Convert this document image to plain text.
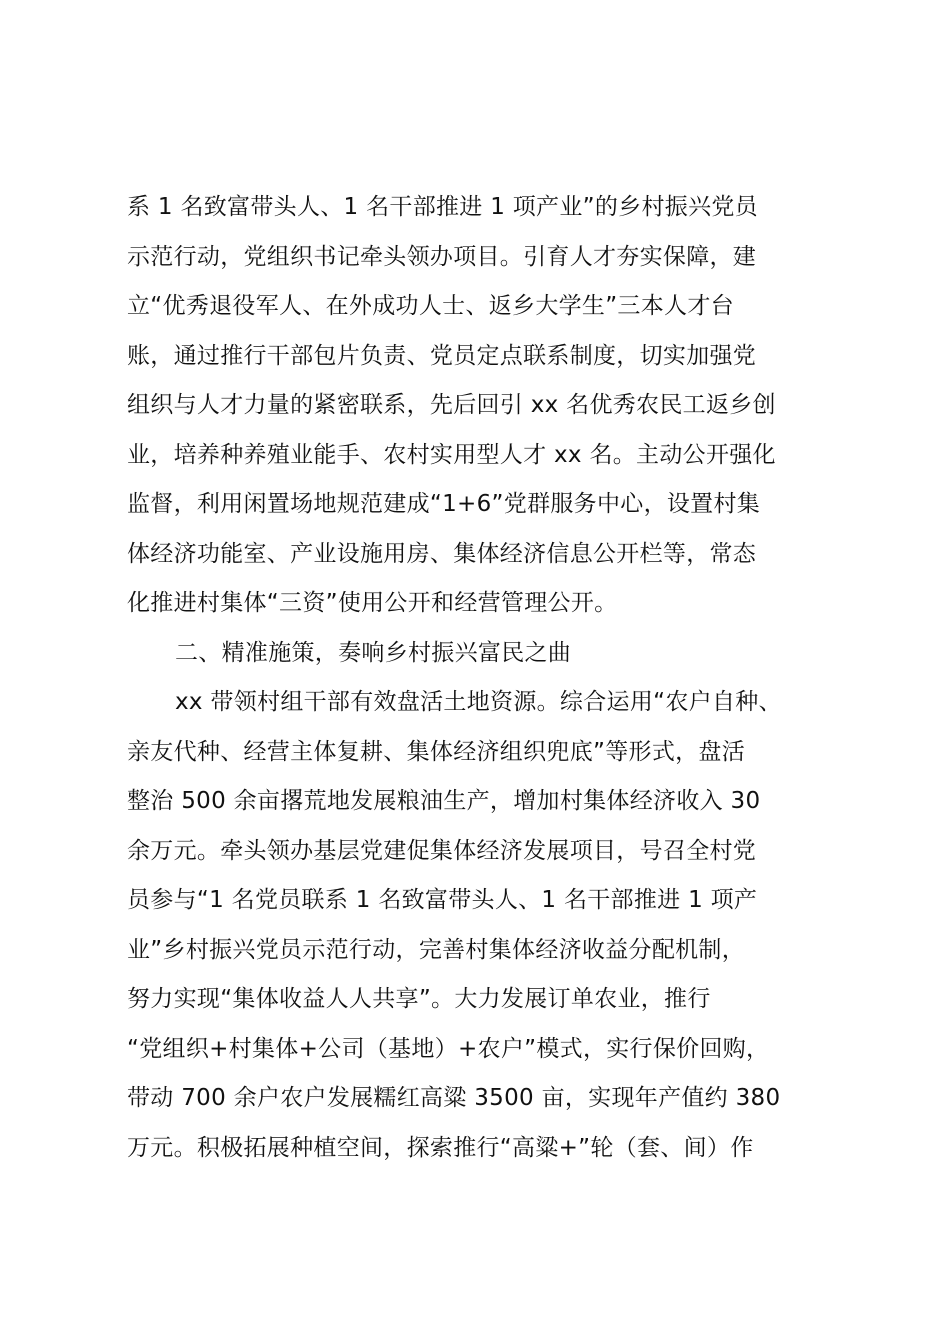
系 1 名致富带头人、1 名干部推进 1 项产业”的乡村振兴党员
示范行动，党组织书记牵头领办项目。引育人才夯实保障，建
立“优秀退役军人、在外成功人士、返乡大学生”三本人才台
账，通过推行干部包片负责、党员定点联系制度，切实加强党
组织与人才力量的紧密联系，先后回引 xx 名优秀农民工返乡创
业，培养种养殖业能手、农村实用型人才 xx 名。主动公开强化
监督，利用闲置场地规范建成“1+6”党群服务中心，设置村集
体经济功能室、产业设施用房、集体经济信息公开栏等，常态
化推进村集体“三资”使用公开和经营管理公开。
二、精准施策，奏响乡村振兴富民之曲
xx 带领村组干部有效盘活土地资源。综合运用“农户自种、
亲友代种、经营主体复耕、集体经济组织兜底”等形式，盘活
整治 500 余亩撂荒地发展粮油生产，增加村集体经济收入 30
余万元。牵头领办基层党建促集体经济发展项目，号召全村党
员参与“1 名党员联系 1 名致富带头人、1 名干部推进 1 项产
业”乡村振兴党员示范行动，完善村集体经济收益分配机制，
努力实现“集体收益人人共享”。大力发展订单农业，推行
“党组织+村集体+公司（基地）+农户”模式，实行保价回购，
带动 700 余户农户发展糯红高粱 3500 亩，实现年产值约 380
万元。积极拓展种植空间，探索推行“高粱+”轮（套、间）作
